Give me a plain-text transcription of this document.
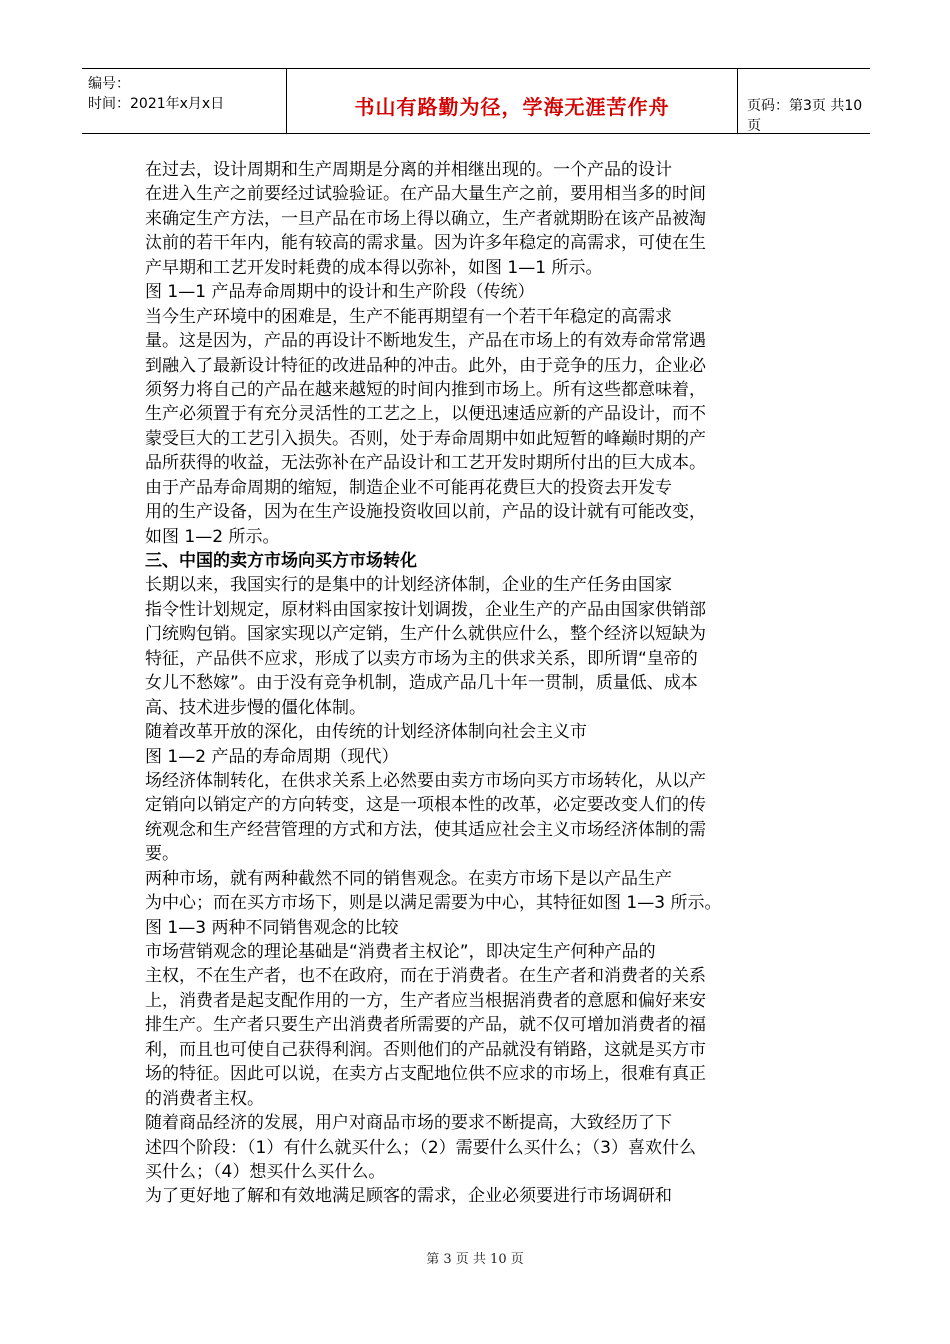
编号：
时间：2021年x月x日	书山有路勤为径，学海无涯苦作舟	页码：第3页 共10页
在过去，设计周期和生产周期是分离的并相继出现的。一个产品的设计
在进入生产之前要经过试验验证。在产品大量生产之前，要用相当多的时间
来确定生产方法，一旦产品在市场上得以确立，生产者就期盼在该产品被淘
汰前的若干年内，能有较高的需求量。因为许多年稳定的高需求，可使在生
产早期和工艺开发时耗费的成本得以弥补，如图 1—1 所示。
图 1—1 产品寿命周期中的设计和生产阶段（传统）
当今生产环境中的困难是，生产不能再期望有一个若干年稳定的高需求
量。这是因为，产品的再设计不断地发生，产品在市场上的有效寿命常常遇
到融入了最新设计特征的改进品种的冲击。此外，由于竞争的压力，企业必
须努力将自己的产品在越来越短的时间内推到市场上。所有这些都意味着，
生产必须置于有充分灵活性的工艺之上，以便迅速适应新的产品设计，而不
蒙受巨大的工艺引入损失。否则，处于寿命周期中如此短暂的峰巅时期的产
品所获得的收益，无法弥补在产品设计和工艺开发时期所付出的巨大成本。
由于产品寿命周期的缩短，制造企业不可能再花费巨大的投资去开发专
用的生产设备，因为在生产设施投资收回以前，产品的设计就有可能改变，
如图 1—2 所示。
三、中国的卖方市场向买方市场转化
长期以来，我国实行的是集中的计划经济体制，企业的生产任务由国家
指令性计划规定，原材料由国家按计划调拨，企业生产的产品由国家供销部
门统购包销。国家实现以产定销，生产什么就供应什么，整个经济以短缺为
特征，产品供不应求，形成了以卖方市场为主的供求关系，即所谓“皇帝的
女儿不愁嫁”。由于没有竞争机制，造成产品几十年一贯制，质量低、成本
高、技术进步慢的僵化体制。
随着改革开放的深化，由传统的计划经济体制向社会主义市
图 1—2 产品的寿命周期（现代）
场经济体制转化，在供求关系上必然要由卖方市场向买方市场转化，从以产
定销向以销定产的方向转变，这是一项根本性的改革，必定要改变人们的传
统观念和生产经营管理的方式和方法，使其适应社会主义市场经济体制的需
要。
两种市场，就有两种截然不同的销售观念。在卖方市场下是以产品生产
为中心；而在买方市场下，则是以满足需要为中心，其特征如图 1—3 所示。
图 1—3 两种不同销售观念的比较
市场营销观念的理论基础是“消费者主权论”，即决定生产何种产品的
主权，不在生产者，也不在政府，而在于消费者。在生产者和消费者的关系
上，消费者是起支配作用的一方，生产者应当根据消费者的意愿和偏好来安
排生产。生产者只要生产出消费者所需要的产品，就不仅可增加消费者的福
利，而且也可使自己获得利润。否则他们的产品就没有销路，这就是买方市
场的特征。因此可以说，在卖方占支配地位供不应求的市场上，很难有真正
的消费者主权。
随着商品经济的发展，用户对商品市场的要求不断提高，大致经历了下
述四个阶段：（1）有什么就买什么；（2）需要什么买什么；（3）喜欢什么
买什么；（4）想买什么买什么。
为了更好地了解和有效地满足顾客的需求，企业必须要进行市场调研和
第 3 页 共 10 页
